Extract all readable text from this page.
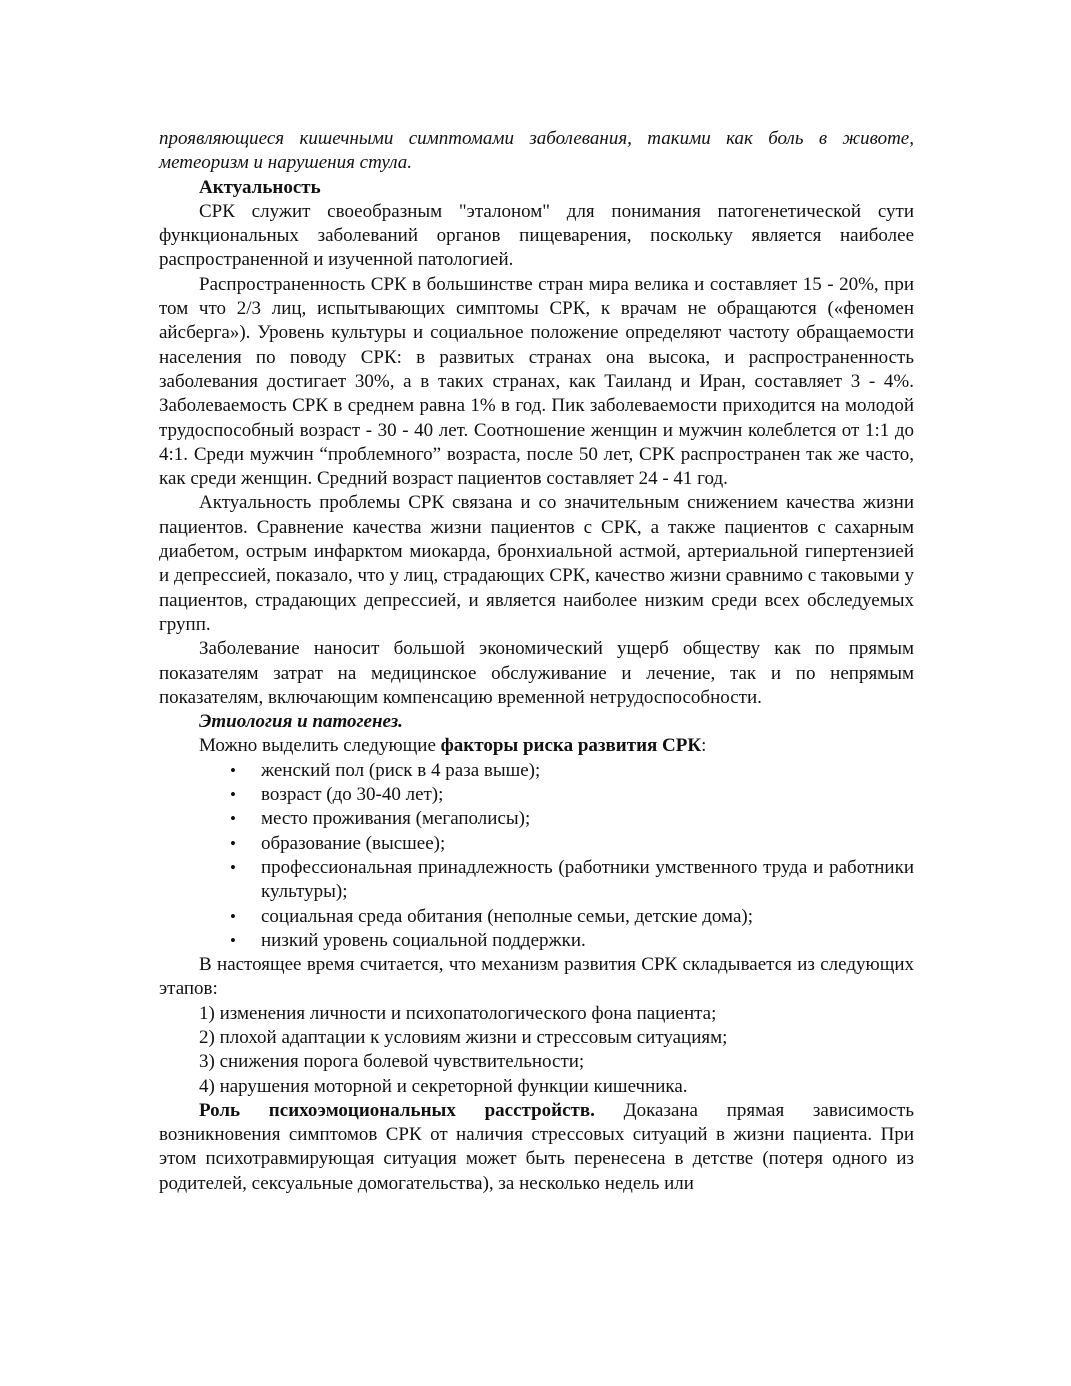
проявляющиеся кишечными симптомами заболевания, такими как боль в животе, метеоризм и нарушения стула.

Актуальность

СРК служит своеобразным "эталоном" для понимания патогенетической сути функциональных заболеваний органов пищеварения, поскольку является наиболее распространенной и изученной патологией.

Распространенность СРК в большинстве стран мира велика и составляет 15 - 20%, при том что 2/3 лиц, испытывающих симптомы СРК, к врачам не обращаются («феномен айсберга»). Уровень культуры и социальное положение определяют частоту обращаемости населения по поводу СРК: в развитых странах она высока, и распространенность заболевания достигает 30%, а в таких странах, как Таиланд и Иран, составляет 3 - 4%. Заболеваемость СРК в среднем равна 1% в год. Пик заболеваемости приходится на молодой трудоспособный возраст - 30 - 40 лет. Соотношение женщин и мужчин колеблется от 1:1 до 4:1. Среди мужчин “проблемного” возраста, после 50 лет, СРК распространен так же часто, как среди женщин. Средний возраст пациентов составляет 24 - 41 год.

Актуальность проблемы СРК связана и со значительным снижением качества жизни пациентов. Сравнение качества жизни пациентов с СРК, а также пациентов с сахарным диабетом, острым инфарктом миокарда, бронхиальной астмой, артериальной гипертензией и депрессией, показало, что у лиц, страдающих СРК, качество жизни сравнимо с таковыми у пациентов, страдающих депрессией, и является наиболее низким среди всех обследуемых групп.

Заболевание наносит большой экономический ущерб обществу как по прямым показателям затрат на медицинское обслуживание и лечение, так и по непрямым показателям, включающим компенсацию временной нетрудоспособности.

Этиология и патогенез.

Можно выделить следующие факторы риска развития СРК:

• женский пол (риск в 4 раза выше);
• возраст (до 30-40 лет);
• место проживания (мегаполисы);
• образование (высшее);
• профессиональная принадлежность (работники умственного труда и работники культуры);
• социальная среда обитания (неполные семьи, детские дома);
• низкий уровень социальной поддержки.

В настоящее время считается, что механизм развития СРК складывается из следующих этапов:

1) изменения личности и психопатологического фона пациента;

2) плохой адаптации к условиям жизни и стрессовым ситуациям;

3) снижения порога болевой чувствительности;

4) нарушения моторной и секреторной функции кишечника.

Роль психоэмоциональных расстройств. Доказана прямая зависимость возникновения симптомов СРК от наличия стрессовых ситуаций в жизни пациента. При этом психотравмирующая ситуация может быть перенесена в детстве (потеря одного из родителей, сексуальные домогательства), за несколько недель или
